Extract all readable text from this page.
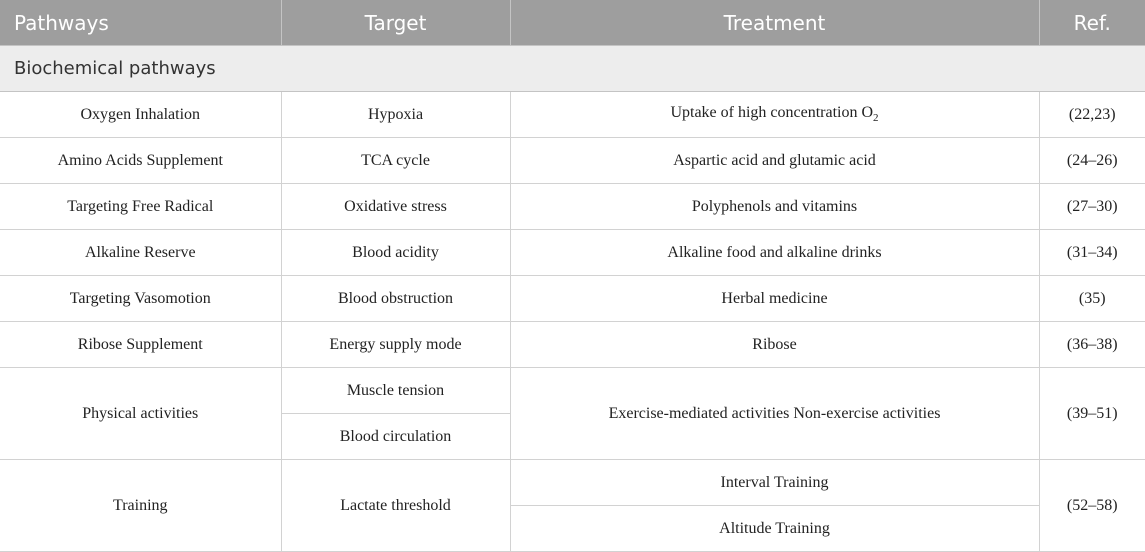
Pathways	Target	Treatment	Ref.
Biochemical pathways			
Oxygen Inhalation	Hypoxia	Uptake of high concentration $O_2$	(22,23)
Amino Acids Supplement	TCA cycle	Aspartic acid and glutamic acid	(24–26)
Targeting Free Radical	Oxidative stress	Polyphenols and vitamins	(27–30)
Alkaline Reserve	Blood acidity	Alkaline food and alkaline drinks	(31–34)
Targeting Vasomotion	Blood obstruction	Herbal medicine	(35)
Ribose Supplement	Energy supply mode	Ribose	(36–38)
Physical activities	Muscle tension	Exercise-mediated activities Non-exercise activities	(39–51)
	Blood circulation		
Training	Lactate threshold	Interval Training	(52–58)
		Altitude Training	
